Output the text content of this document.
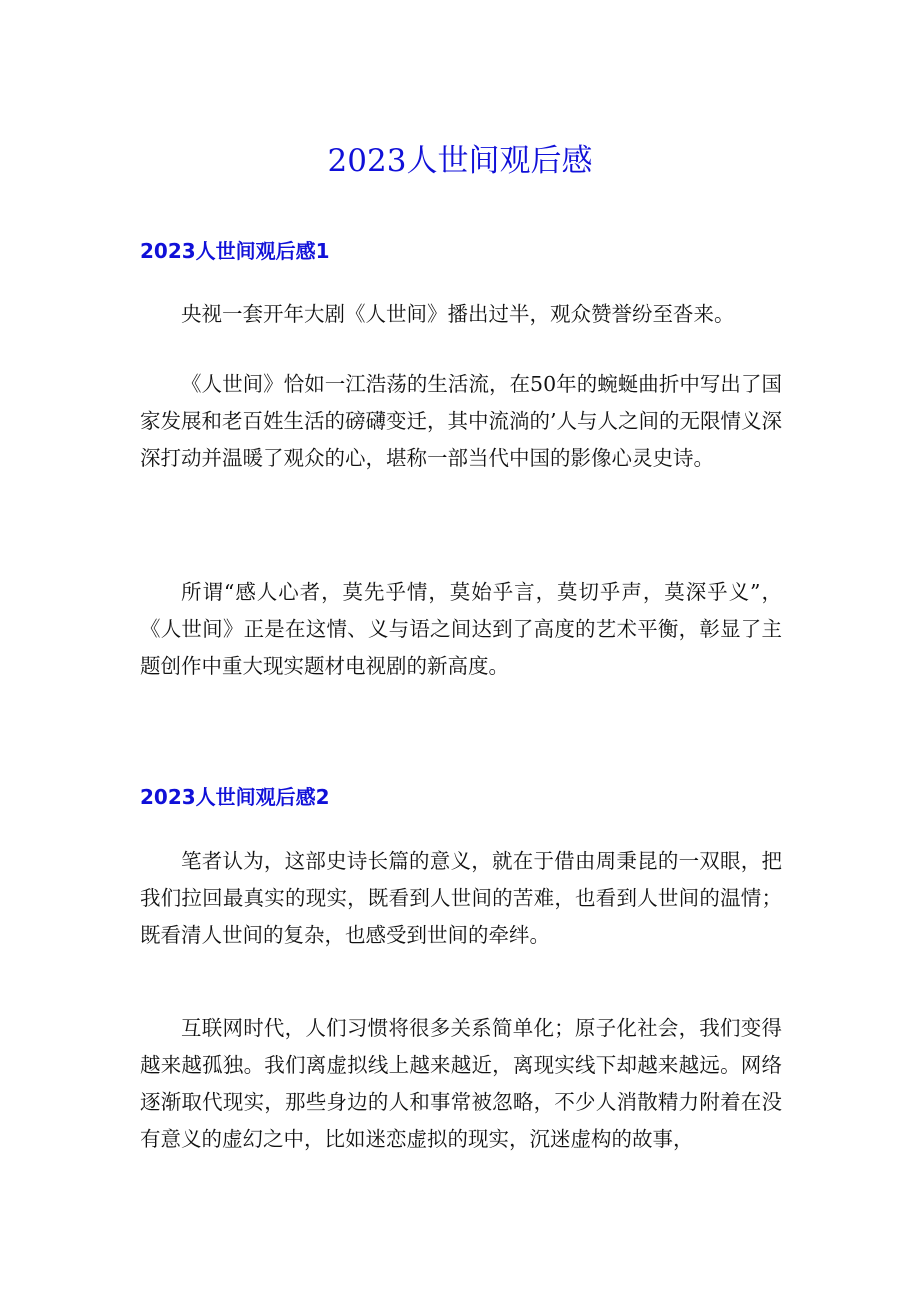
2023人世间观后感
2023人世间观后感1

央视一套开年大剧《人世间》播出过半，观众赞誉纷至沓来。

《人世间》恰如一江浩荡的生活流，在50年的蜿蜒曲折中写出了国家发展和老百姓生活的磅礴变迁，其中流淌的’人与人之间的无限情义深深打动并温暖了观众的心，堪称一部当代中国的影像心灵史诗。

所谓“感人心者，莫先乎情，莫始乎言，莫切乎声，莫深乎义”，《人世间》正是在这情、义与语之间达到了高度的艺术平衡，彰显了主题创作中重大现实题材电视剧的新高度。

2023人世间观后感2

笔者认为，这部史诗长篇的意义，就在于借由周秉昆的一双眼，把我们拉回最真实的现实，既看到人世间的苦难，也看到人世间的温情；既看清人世间的复杂，也感受到世间的牵绊。

互联网时代，人们习惯将很多关系简单化；原子化社会，我们变得越来越孤独。我们离虚拟线上越来越近，离现实线下却越来越远。网络逐渐取代现实，那些身边的人和事常被忽略，不少人消散精力附着在没有意义的虚幻之中，比如迷恋虚拟的现实，沉迷虚构的故事，
